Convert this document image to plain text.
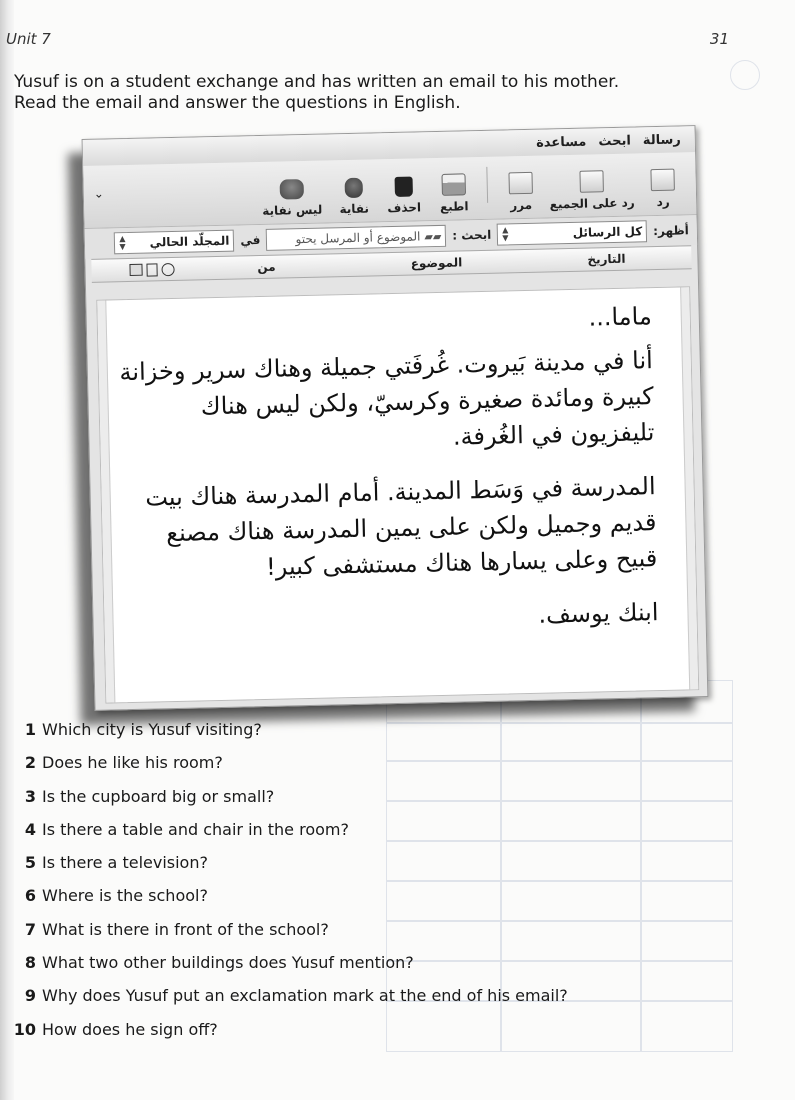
Unit 7	31
Yusuf is on a student exchange and has written an email to his mother.
Read the email and answer the questions in English.
رسالة
ابحث
مساعدة
رد
رد على الجميع
مرر
اطبع
احذف
نفاية
ليس نفاية
⌄
أظهر:
كل الرسائل
▲
▼
ابحث :
▰▰
الموضوع أو المرسل يحتو
في
المجلّد الحالي
▲
▼
التاريخ
الموضوع
من

ماما...

أنا في مدينة بَيروت. غُرفَتي جميلة وهناك سرير وخزانة كبيرة ومائدة صغيرة وكرسيّ، ولكن ليس هناك تليفزيون في الغُرفة.

المدرسة في وَسَط المدينة. أمام المدرسة هناك بيت قديم وجميل ولكن على يمين المدرسة هناك مصنع قبيح وعلى يسارها هناك مستشفى كبير!

ابنك يوسف.

1 Which city is Yusuf visiting?
2 Does he like his room?
3 Is the cupboard big or small?
4 Is there a table and chair in the room?
5 Is there a television?
6 Where is the school?
7 What is there in front of the school?
8 What two other buildings does Yusuf mention?
9 Why does Yusuf put an exclamation mark at the end of his email?
10 How does he sign off?
